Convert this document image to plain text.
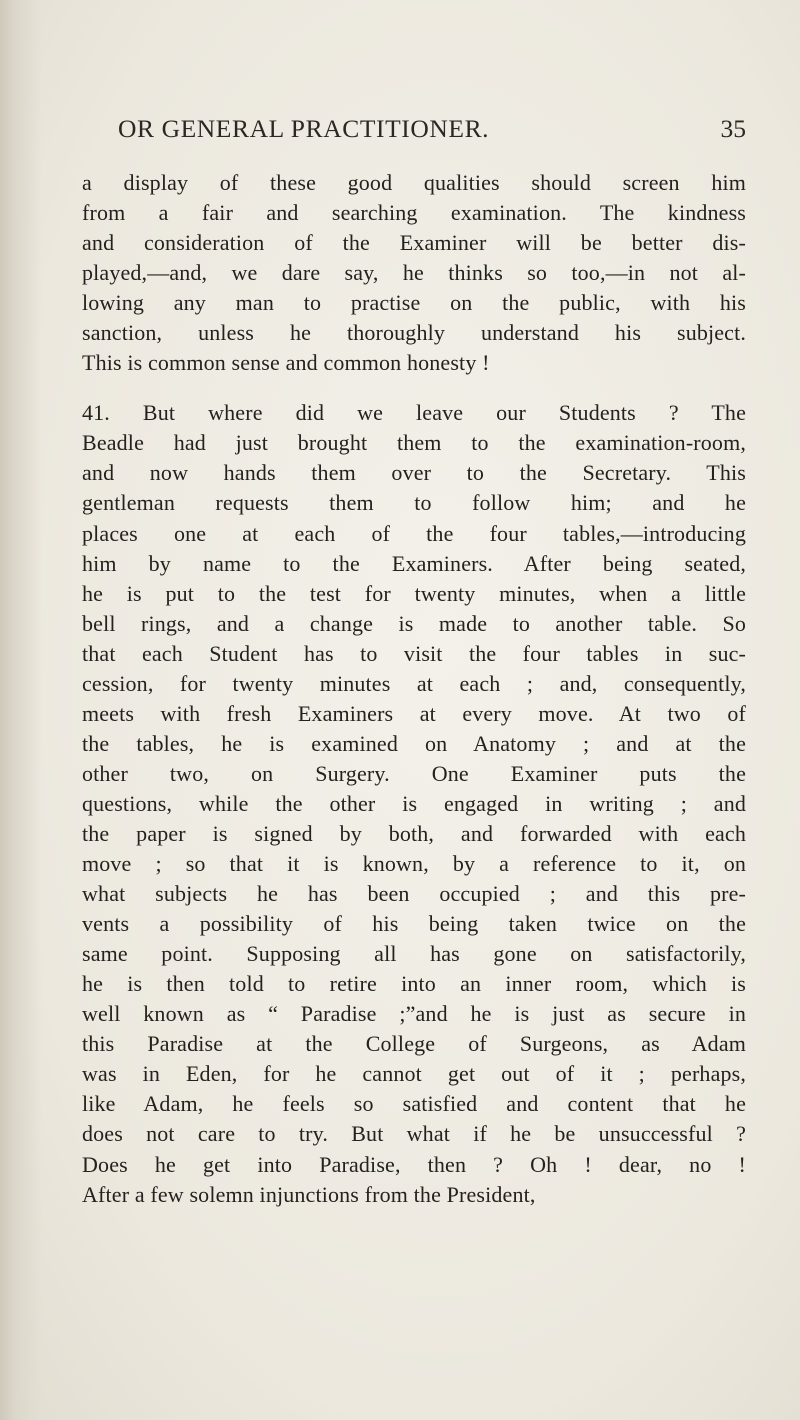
OR GENERAL PRACTITIONER.	35
a display of these good qualities should screen him
from a fair and searching examination. The kindness
and consideration of the Examiner will be better dis-
played,—and, we dare say, he thinks so too,—in not al-
lowing any man to practise on the public, with his
sanction, unless he thoroughly understand his subject.
This is common sense and common honesty !
41. But where did we leave our Students ? The
Beadle had just brought them to the examination-room,
and now hands them over to the Secretary. This
gentleman requests them to follow him; and he
places one at each of the four tables,—introducing
him by name to the Examiners. After being seated,
he is put to the test for twenty minutes, when a little
bell rings, and a change is made to another table. So
that each Student has to visit the four tables in suc-
cession, for twenty minutes at each ; and, consequently,
meets with fresh Examiners at every move. At two of
the tables, he is examined on Anatomy ; and at the
other two, on Surgery. One Examiner puts the
questions, while the other is engaged in writing ; and
the paper is signed by both, and forwarded with each
move ; so that it is known, by a reference to it, on
what subjects he has been occupied ; and this pre-
vents a possibility of his being taken twice on the
same point. Supposing all has gone on satisfactorily,
he is then told to retire into an inner room, which is
well known as “ Paradise ;”and he is just as secure in
this Paradise at the College of Surgeons, as Adam
was in Eden, for he cannot get out of it ; perhaps,
like Adam, he feels so satisfied and content that he
does not care to try. But what if he be unsuccessful ?
Does he get into Paradise, then ? Oh ! dear, no !
After a few solemn injunctions from the President,
